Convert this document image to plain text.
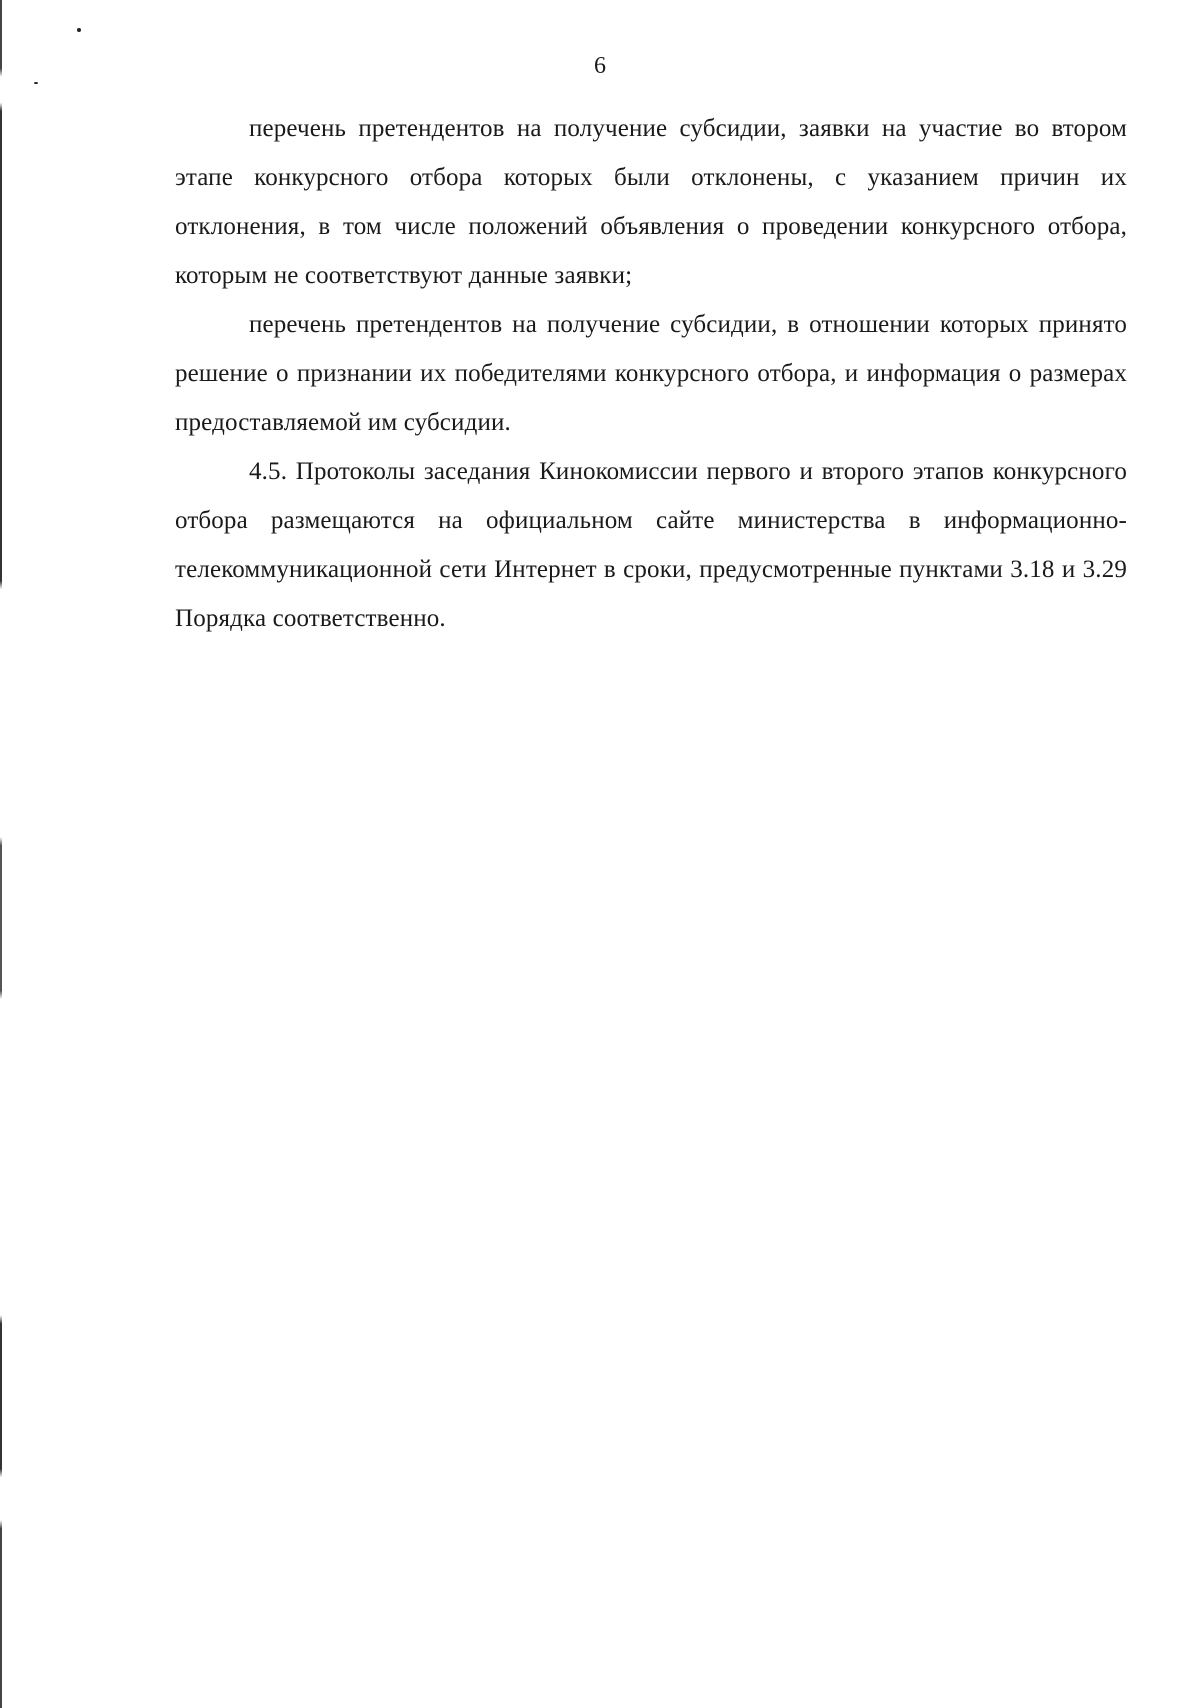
6

перечень претендентов на получение субсидии, заявки на участие во втором этапе конкурсного отбора которых были отклонены, с указанием причин их отклонения, в том числе положений объявления о проведении конкурсного отбора, которым не соответствуют данные заявки;

перечень претендентов на получение субсидии, в отношении которых принято решение о признании их победителями конкурсного отбора, и информация о размерах предоставляемой им субсидии.

4.5. Протоколы заседания Кинокомиссии первого и второго этапов конкурсного отбора размещаются на официальном сайте министерства в информационно-телекоммуникационной сети Интернет в сроки, предусмотренные пунктами 3.18 и 3.29 Порядка соответственно.
